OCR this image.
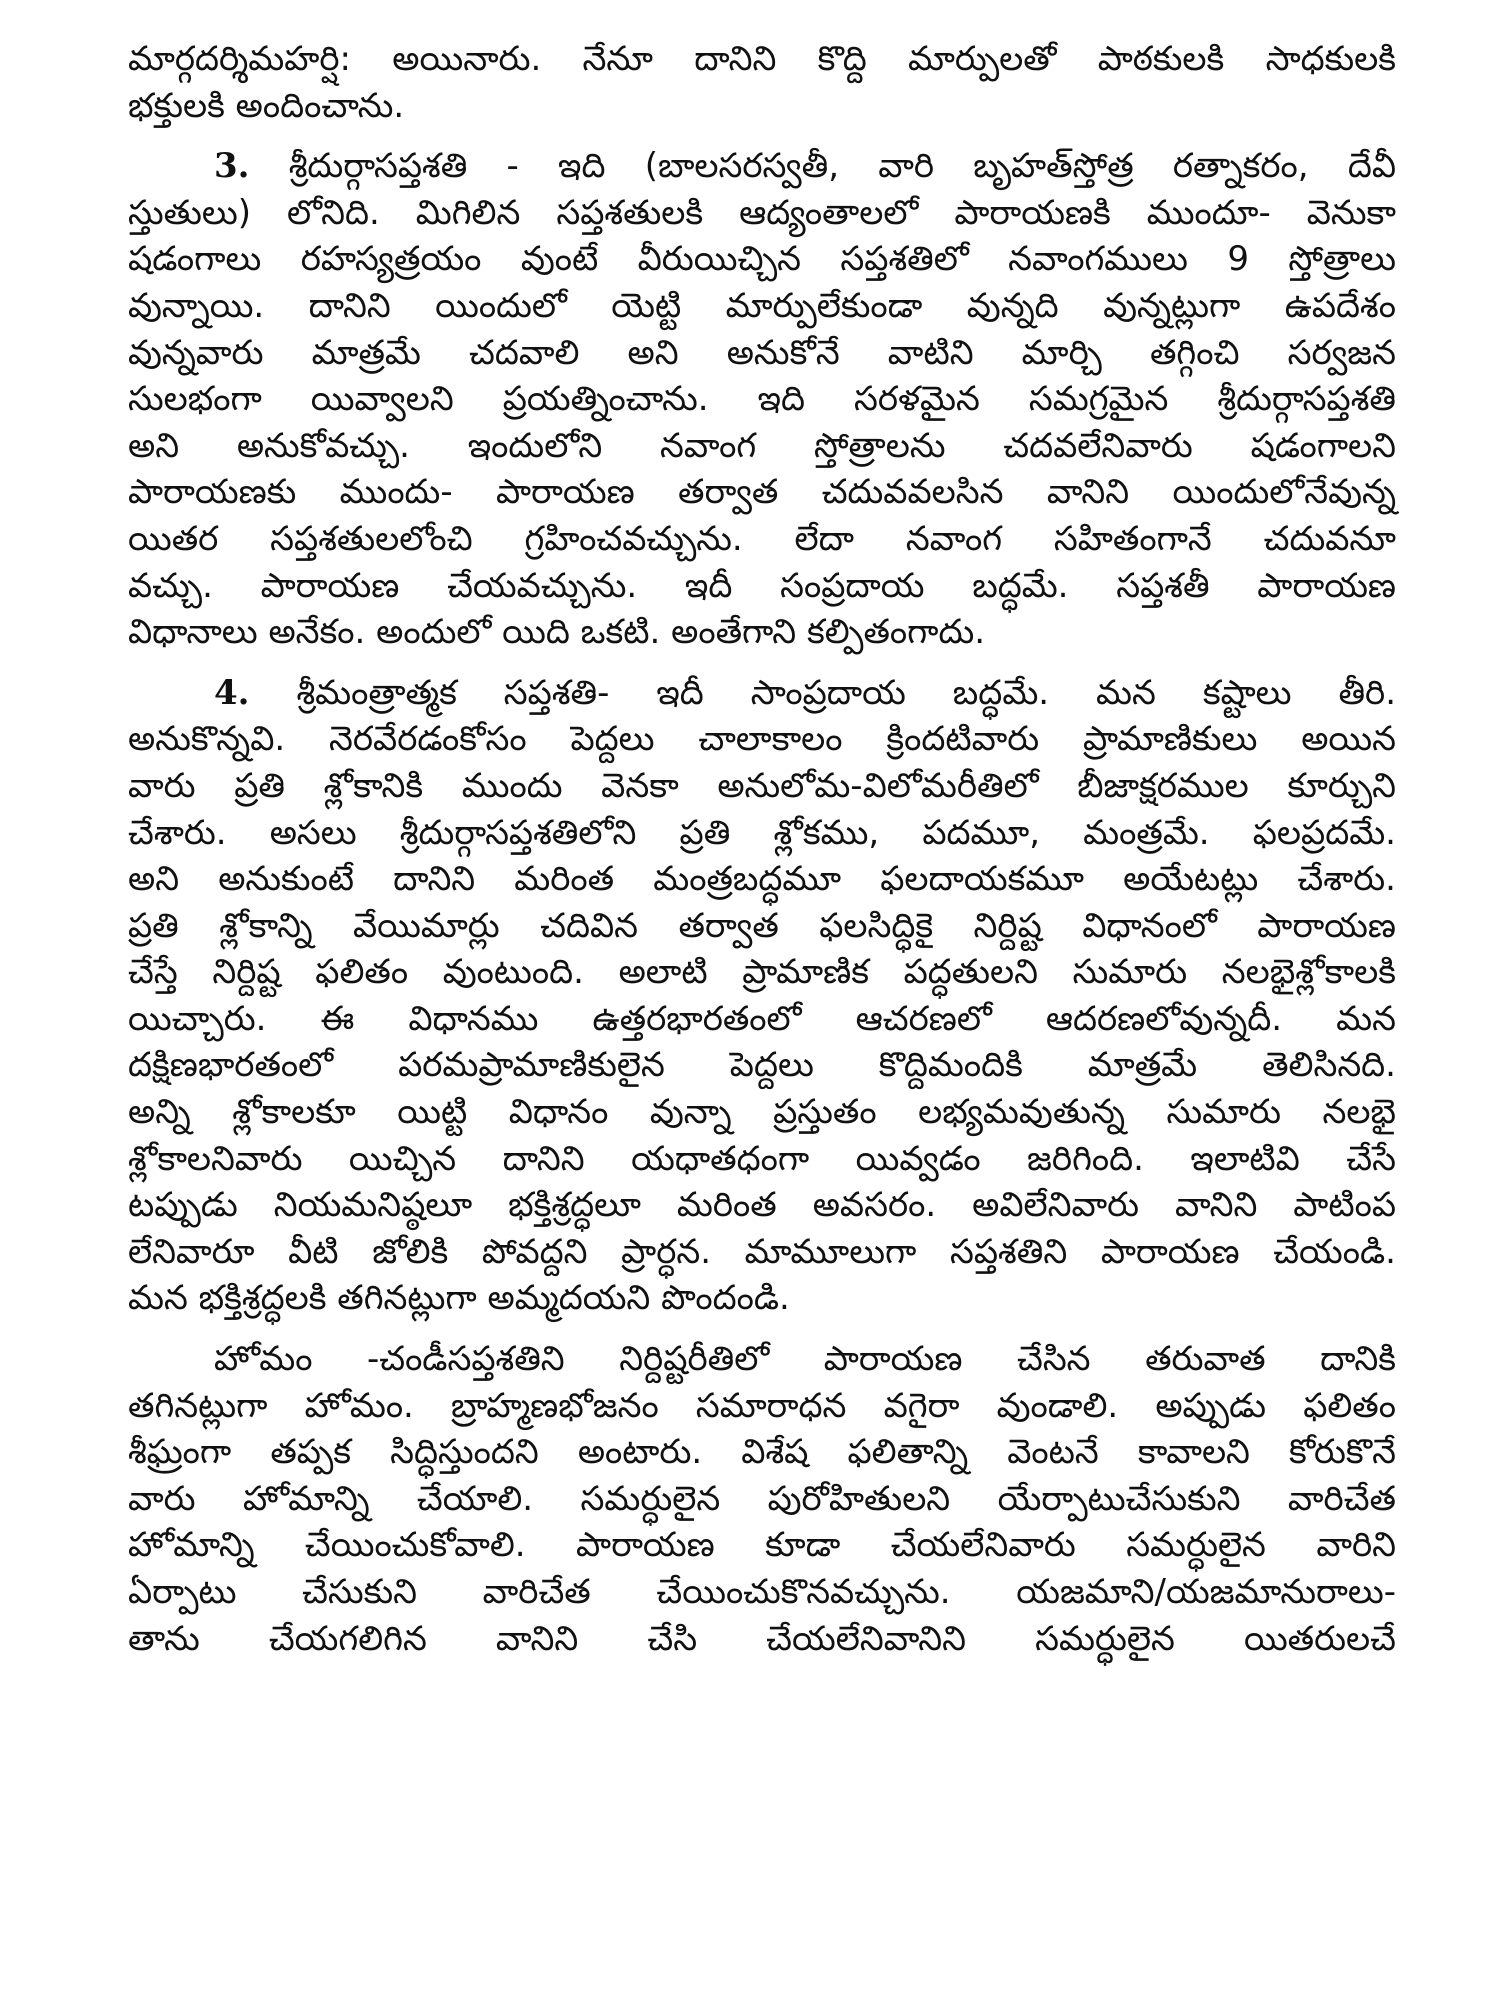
మార్గదర్శిమహర్షి: అయినారు. నేనూ దానిని కొద్ది మార్పులతో పాఠకులకి సాధకులకి
భక్తులకి అందించాను.
3. శ్రీదుర్గాసప్తశతి - ఇది (బాలసరస్వతీ, వారి బృహత్‌స్తోత్ర రత్నాకరం, దేవీ
స్తుతులు) లోనిది. మిగిలిన సప్తశతులకి ఆద్యంతాలలో పారాయణకి ముందూ- వెనుకా
షడంగాలు రహస్యత్రయం వుంటే వీరుయిచ్చిన సప్తశతిలో నవాంగములు 9 స్తోత్రాలు
వున్నాయి. దానిని యిందులో యెట్టి మార్పులేకుండా వున్నది వున్నట్లుగా ఉపదేశం
వున్నవారు మాత్రమే చదవాలి అని అనుకోనే వాటిని మార్చి తగ్గించి సర్వజన
సులభంగా యివ్వాలని ప్రయత్నించాను. ఇది సరళమైన సమగ్రమైన శ్రీదుర్గాసప్తశతి
అని అనుకోవచ్చు. ఇందులోని నవాంగ స్తోత్రాలను చదవలేనివారు షడంగాలని
పారాయణకు ముందు- పారాయణ తర్వాత చదువవలసిన వానిని యిందులోనేవున్న
యితర సప్తశతులలోంచి గ్రహించవచ్చును. లేదా నవాంగ సహితంగానే చదువనూ
వచ్చు. పారాయణ చేయవచ్చును. ఇదీ సంప్రదాయ బద్ధమే. సప్తశతీ పారాయణ
విధానాలు అనేకం. అందులో యిది ఒకటి. అంతేగాని కల్పితంగాదు.
4. శ్రీమంత్రాత్మక సప్తశతి- ఇదీ సాంప్రదాయ బద్ధమే. మన కష్టాలు తీరి.
అనుకొన్నవి. నెరవేరడంకోసం పెద్దలు చాలాకాలం క్రిందటివారు ప్రామాణికులు అయిన
వారు ప్రతి శ్లోకానికి ముందు వెనకా అనులోమ-విలోమరీతిలో బీజాక్షరముల కూర్చుని
చేశారు. అసలు శ్రీదుర్గాసప్తశతిలోని ప్రతి శ్లోకము, పదమూ, మంత్రమే. ఫలప్రదమే.
అని అనుకుంటే దానిని మరింత మంత్రబద్ధమూ ఫలదాయకమూ అయేటట్లు చేశారు.
ప్రతి శ్లోకాన్ని వేయిమార్లు చదివిన తర్వాత ఫలసిద్ధికై నిర్దిష్ట విధానంలో పారాయణ
చేస్తే నిర్దిష్ట ఫలితం వుంటుంది. అలాటి ప్రామాణిక పద్ధతులని సుమారు నలభైశ్లోకాలకి
యిచ్చారు. ఈ విధానము ఉత్తరభారతంలో ఆచరణలో ఆదరణలోవున్నదీ. మన
దక్షిణభారతంలో పరమప్రామాణికులైన పెద్దలు కొద్దిమందికి మాత్రమే తెలిసినది.
అన్ని శ్లోకాలకూ యిట్టి విధానం వున్నా ప్రస్తుతం లభ్యమవుతున్న సుమారు నలభై
శ్లోకాలనివారు యిచ్చిన దానిని యధాతధంగా యివ్వడం జరిగింది. ఇలాటివి చేసే
టప్పుడు నియమనిష్ఠలూ భక్తిశ్రద్ధలూ మరింత అవసరం. అవిలేనివారు వానిని పాటింప
లేనివారూ వీటి జోలికి పోవద్దని ప్రార్ధన. మామూలుగా సప్తశతిని పారాయణ చేయండి.
మన భక్తిశ్రద్ధలకి తగినట్లుగా అమ్మదయని పొందండి.
హోమం -చండీసప్తశతిని నిర్దిష్టరీతిలో పారాయణ చేసిన తరువాత దానికి
తగినట్లుగా హోమం. బ్రాహ్మణభోజనం సమారాధన వగైరా వుండాలి. అప్పుడు ఫలితం
శీఘ్రంగా తప్పక సిద్ధిస్తుందని అంటారు. విశేష ఫలితాన్ని వెంటనే కావాలని కోరుకొనే
వారు హోమాన్ని చేయాలి. సమర్ధులైన పురోహితులని యేర్పాటుచేసుకుని వారిచేత
హోమాన్ని చేయించుకోవాలి. పారాయణ కూడా చేయలేనివారు సమర్ధులైన వారిని
ఏర్పాటు చేసుకుని వారిచేత చేయించుకొనవచ్చును. యజమాని/యజమానురాలు-
తాను చేయగలిగిన వానిని చేసి చేయలేనివానిని సమర్ధులైన యితరులచే
